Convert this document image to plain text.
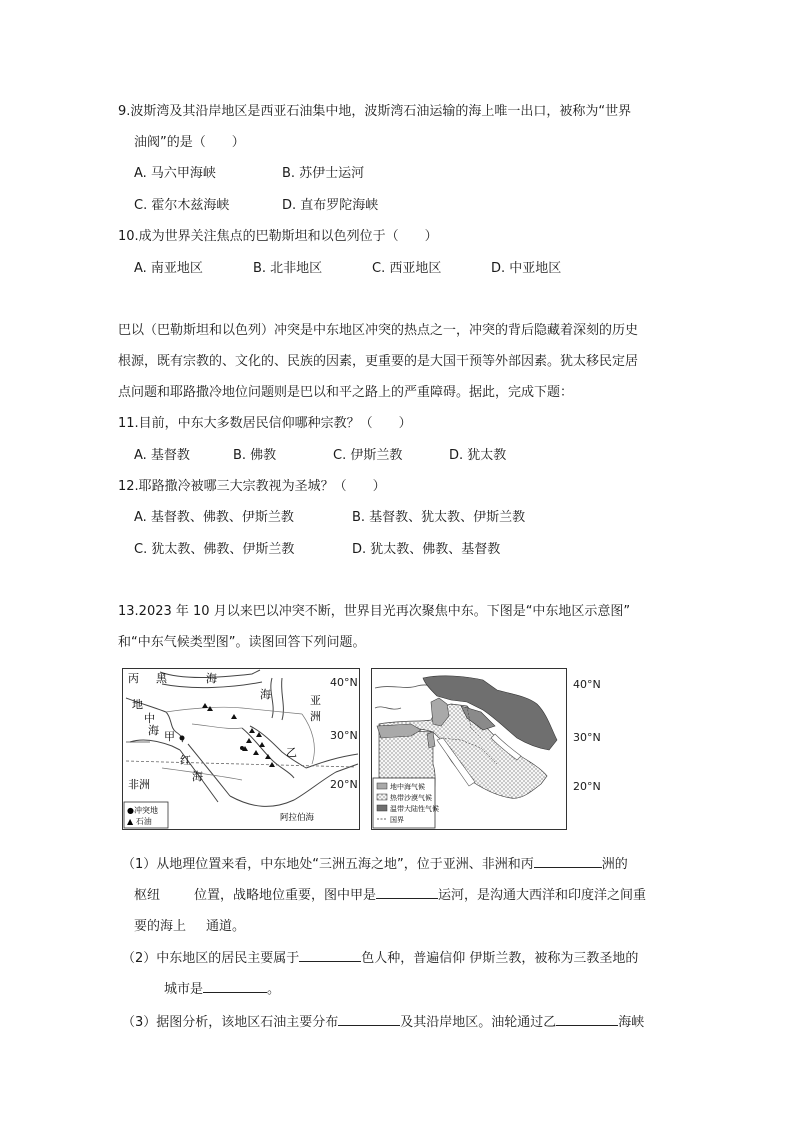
9.波斯湾及其沿岸地区是西亚石油集中地，波斯湾石油运输的海上唯一出口，被称为“世界
油阀”的是（　　）
A. 马六甲海峡	B. 苏伊士运河
C. 霍尔木兹海峡	D. 直布罗陀海峡
10.成为世界关注焦点的巴勒斯坦和以色列位于（　　）
A. 南亚地区	B. 北非地区	C. 西亚地区	D. 中亚地区
巴以（巴勒斯坦和以色列）冲突是中东地区冲突的热点之一，冲突的背后隐藏着深刻的历史
根源，既有宗教的、文化的、民族的因素，更重要的是大国干预等外部因素。犹太移民定居
点问题和耶路撒冷地位问题则是巴以和平之路上的严重障碍。据此，完成下题：
11.目前，中东大多数居民信仰哪种宗教？（　　）
A. 基督教	B. 佛教	C. 伊斯兰教	D. 犹太教
12.耶路撒冷被哪三大宗教视为圣城？（　　）
A. 基督教、佛教、伊斯兰教	B. 基督教、犹太教、伊斯兰教
C. 犹太教、佛教、伊斯兰教	D. 犹太教、佛教、基督教
13.2023 年 10 月以来巴以冲突不断，世界目光再次聚焦中东。下图是“中东地区示意图”
和“中东气候类型图”。读图回答下列问题。
丙 黑	海
海	亚
洲
地
中
海 甲
红
海
乙
非洲
阿拉伯海
●冲突地
▲ 石油
40°N
30°N
20°N	地中海气候
热带沙漠气候
温带大陆性气候
国界
40°N
30°N
20°N
（1）从地理位置来看，中东地处“三洲五海之地”，位于亚洲、非洲和丙	洲的
枢纽	位置，战略地位重要，图中甲是	运河，是沟通大西洋和印度洋之间重
要的海上 通道。
（2）中东地区的居民主要属于	色人种，普遍信仰 伊斯兰教，被称为三教圣地的
城市是	。
（3）据图分析，该地区石油主要分布	及其沿岸地区。油轮通过乙	海峡
